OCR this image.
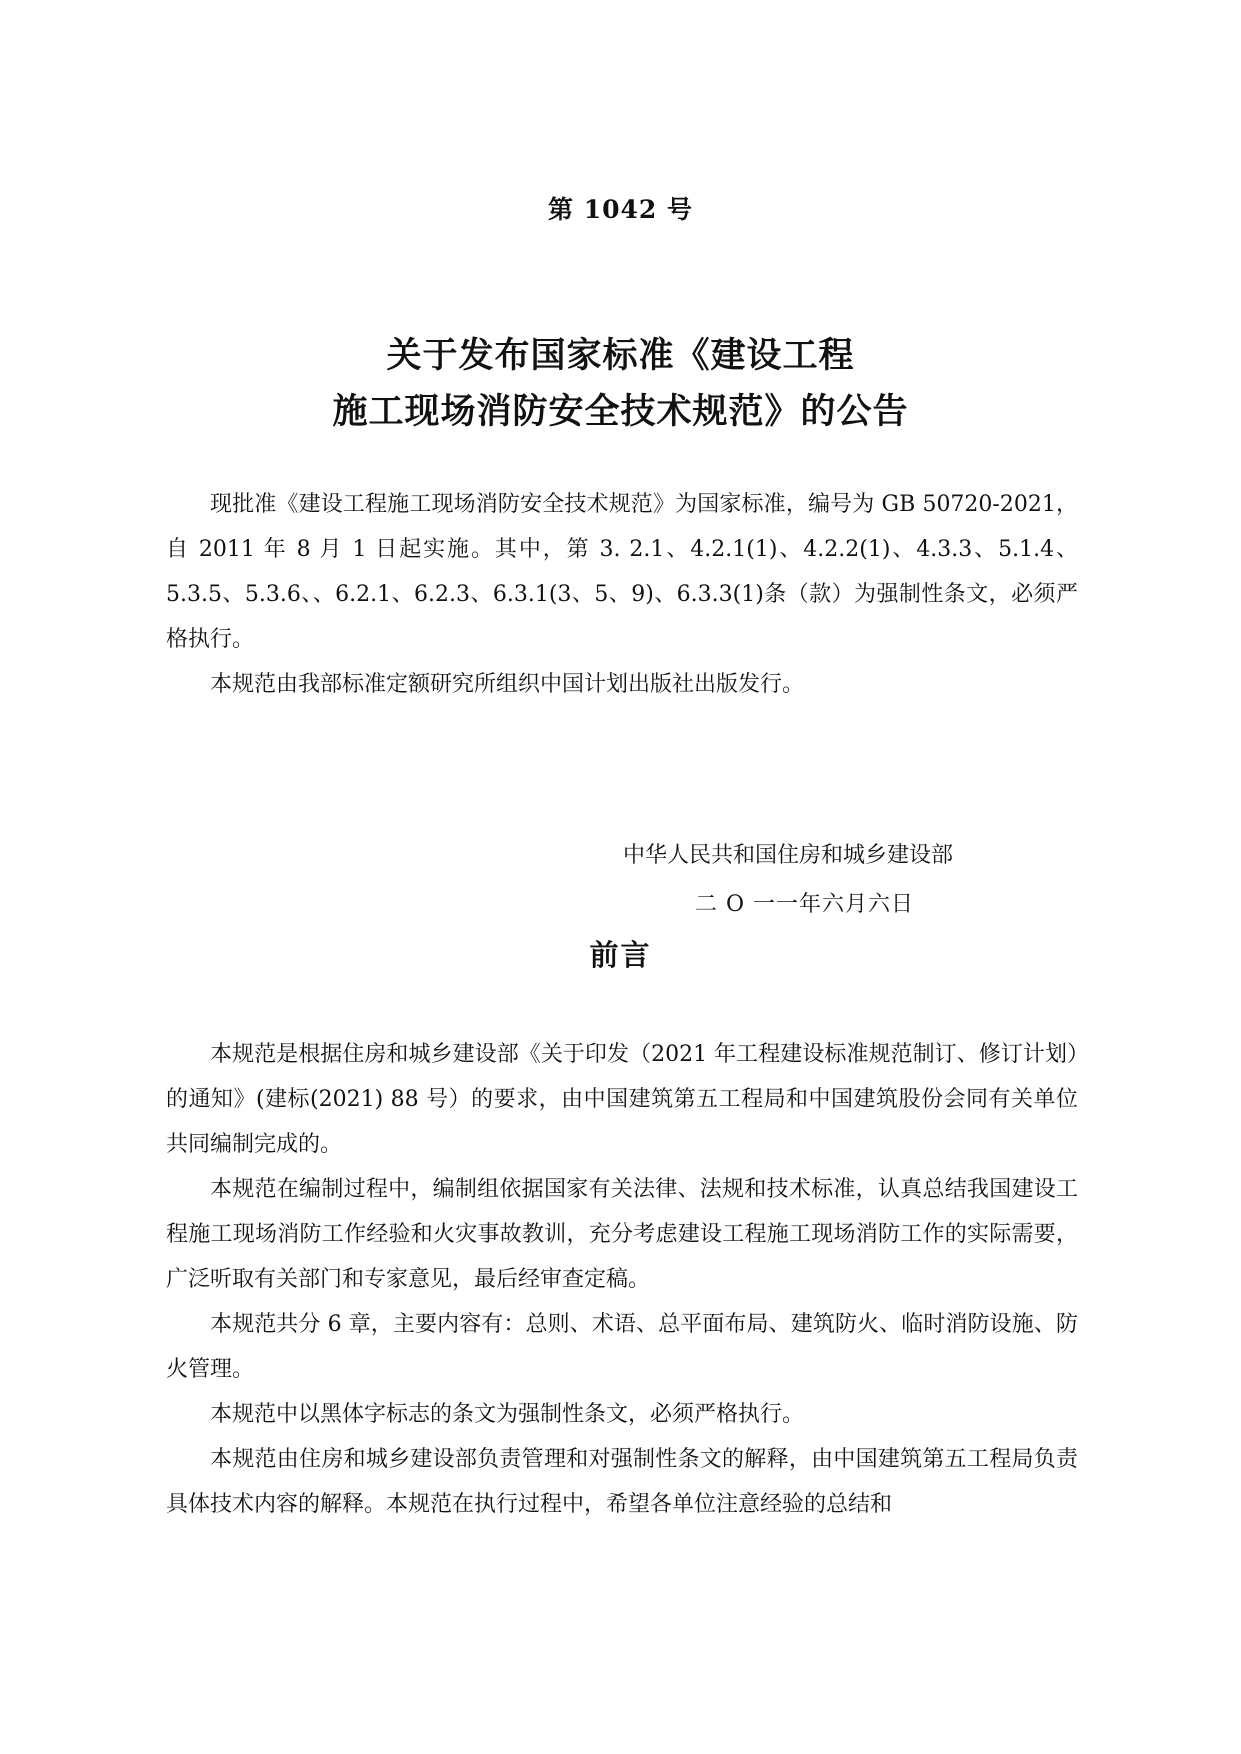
第 1042 号
关于发布国家标准《建设工程
施工现场消防安全技术规范》的公告

现批准《建设工程施工现场消防安全技术规范》为国家标准，编号为 GB 50720-2021，自 2011 年 8 月 1 日起实施。其中，第 3. 2.1、4.2.1(1)、4.2.2(1)、4.3.3、5.1.4、5.3.5、5.3.6、、6.2.1、6.2.3、6.3.1(3、5、9)、6.3.3(1)条（款）为强制性条文，必须严格执行。

本规范由我部标准定额研究所组织中国计划出版社出版发行。

中华人民共和国住房和城乡建设部
二 O 一一年六月六日
前言

本规范是根据住房和城乡建设部《关于印发（2021 年工程建设标准规范制订、修订计划）的通知》(建标(2021) 88 号）的要求，由中国建筑第五工程局和中国建筑股份会同有关单位共同编制完成的。

本规范在编制过程中，编制组依据国家有关法律、法规和技术标准，认真总结我国建设工程施工现场消防工作经验和火灾事故教训，充分考虑建设工程施工现场消防工作的实际需要，广泛听取有关部门和专家意见，最后经审查定稿。

本规范共分 6 章，主要内容有：总则、术语、总平面布局、建筑防火、临时消防设施、防火管理。

本规范中以黑体字标志的条文为强制性条文，必须严格执行。

本规范由住房和城乡建设部负责管理和对强制性条文的解释，由中国建筑第五工程局负责具体技术内容的解释。本规范在执行过程中，希望各单位注意经验的总结和
